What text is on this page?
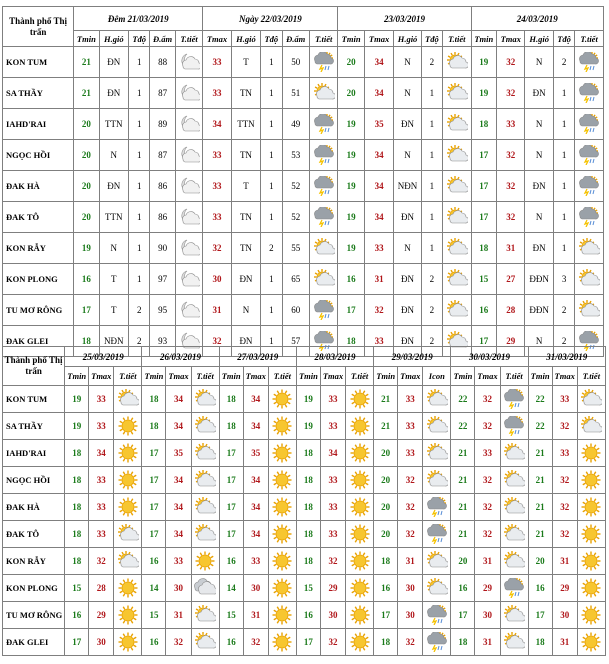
Thành phố Thị trấn	Đêm 21/03/2019					Ngày 22/03/2019					23/03/2019					24/03/2019				
	Tmin	H.gió	Tđộ	Đ.ẩm	T.tiết	Tmax	H.gió	Tđộ	Đ.ẩm	T.tiết	Tmin	Tmax	H.gió	Tđộ	T.tiết	Tmin	Tmax	H.gió	Tđộ	T.tiết
KON TUM	21	ĐN	1	88		33	T	1	50		20	34	N	2		19	32	N	2	

SA THẦY	21	ĐN	1	87		33	TN	1	51		20	34	N	1		19	32	ĐN	1	

IAHD'RAI	20	TTN	1	89		34	TTN	1	49		19	35	ĐN	1		18	33	N	1	

NGỌC HỒI	20	N	1	87		33	TN	1	53		19	34	N	1		17	32	N	1	

ĐAK HÀ	20	ĐN	1	86		33	T	1	52		19	34	NĐN	1		17	32	ĐN	1	

ĐAK TÔ	20	TTN	1	86		33	TN	1	52		19	34	ĐN	1		17	32	N	1	

KON RẪY	19	N	1	90		32	TN	2	55		19	33	N	1		18	31	ĐN	1	

KON PLONG	16	T	1	97		30	ĐN	1	65		16	31	ĐN	2		15	27	ĐĐN	3	

TU MƠ RÔNG	17	T	2	95		31	N	1	60		17	32	ĐN	2		16	28	ĐĐN	2	

ĐAK GLEI	18	NĐN	2	93		32	ĐN	1	57		18	33	ĐN	2		17	29	N	2	
Thành phố Thị trấn	25/03/2019			26/03/2019			27/03/2019			28/03/2019			29/03/2019			30/03/2019			31/03/2019		
	Tmin	Tmax	T.tiết	Tmin	Tmax	T.tiết	Tmin	Tmax	T.tiết	Tmin	Tmax	T.tiết	Tmin	Tmax	Icon	Tmin	Tmax	T.tiết	Tmin	Tmax	T.tiết
KON TUM	19	33		18	34		18	34		19	33		21	33		22	32		22	33	

SA THẦY	19	33		18	34		18	34		19	33		21	33		22	32		22	32	

IAHD'RAI	18	34		17	35		17	35		18	34		20	33		21	33		21	33	

NGỌC HỒI	18	33		17	34		17	34		18	33		20	32		21	32		21	32	

ĐAK HÀ	18	33		17	34		17	34		18	33		20	32		21	32		21	32	

ĐAK TÔ	18	33		17	34		17	34		18	33		20	32		21	32		21	32	

KON RẪY	18	32		16	33		16	33		18	32		18	31		20	31		20	31	

KON PLONG	15	28		14	30		14	30		15	29		16	30		16	29		16	29	

TU MƠ RÔNG	16	29		15	31		15	31		16	30		17	30		17	30		17	30	

ĐAK GLEI	17	30		16	32		16	32		17	32		18	32		18	31		18	31	
